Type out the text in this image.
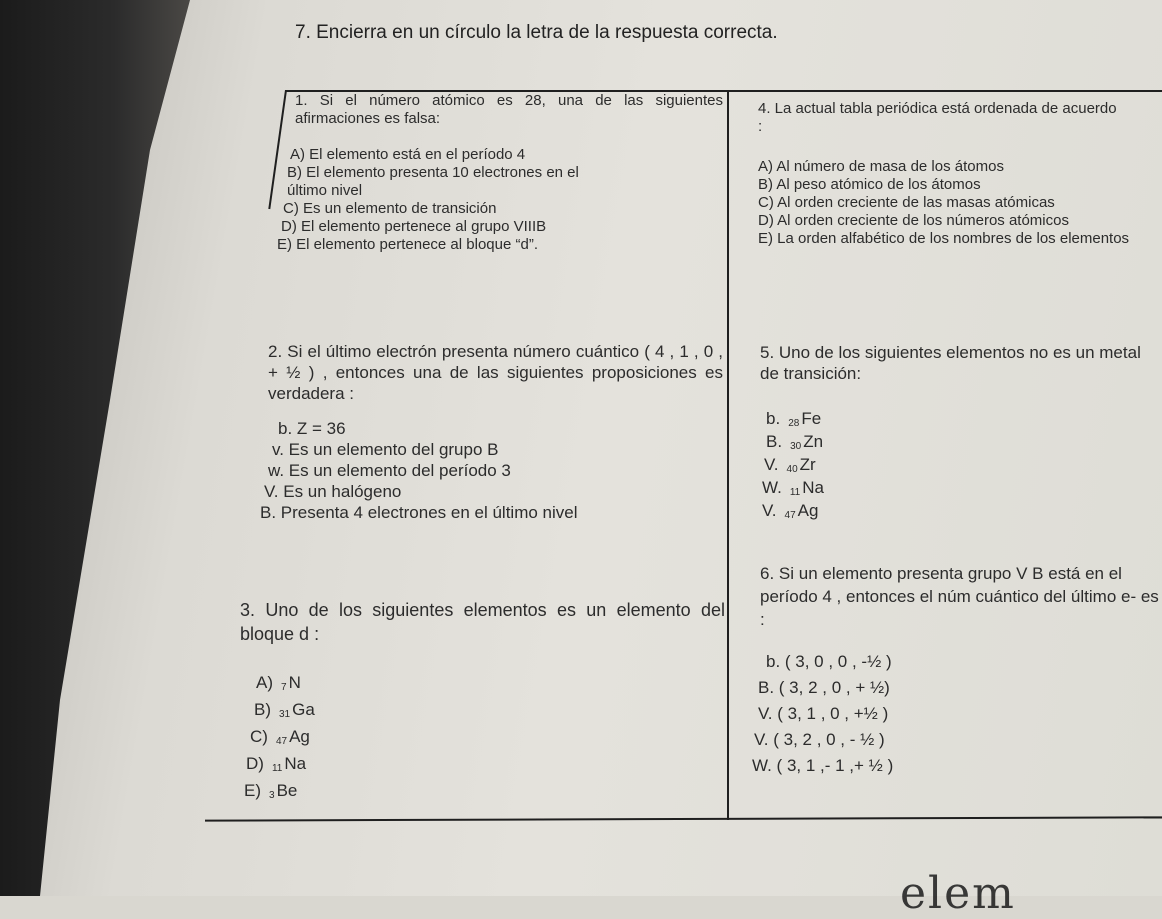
7. Encierra en un círculo la letra de la respuesta correcta.

1. Si el número atómico es 28, una de las siguientes afirmaciones es falsa:

A) El elemento está en el período 4

B) El elemento presenta 10 electrones en el último nivel

C) Es un elemento de transición

D) El elemento pertenece al grupo VIIIB

E) El elemento pertenece al bloque “d”.

2. Si el último electrón presenta número cuántico ( 4 , 1 , 0 , + ½ ) , entonces una de las siguientes proposiciones es verdadera :

b. Z = 36

v. Es un elemento del grupo B

w. Es un elemento del período 3

V. Es un halógeno

B. Presenta 4 electrones en el último nivel

3. Uno de los siguientes elementos es un elemento del bloque d :

A) $_7$ N
B) $_{31}$ Ga
C) $_{47}$ Ag
D) $_{11}$ Na
E) $_3$ Be

4. La actual tabla periódica está ordenada de acuerdo :

A) Al número de masa de los átomos

B) Al peso atómico de los átomos

C) Al orden creciente de las masas atómicas

D) Al orden creciente de los números atómicos

E) La orden alfabético de los nombres de los elementos

5. Uno de los siguientes elementos no es un metal de transición:

b. $_{28}$ Fe
B. $_{30}$ Zn
V. $_{40}$ Zr
W. $_{11}$ Na
V. $_{47}$ Ag

6. Si un elemento presenta grupo V B está en el período 4 , entonces el núm cuántico del último e- es :

b. ( 3, 0 , 0 , -½ )

B. ( 3, 2 , 0 , + ½)

V. ( 3, 1 , 0 , +½ )

V. ( 3, 2 , 0 , - ½ )

W. ( 3, 1 ,- 1 ,+ ½ )

elem
